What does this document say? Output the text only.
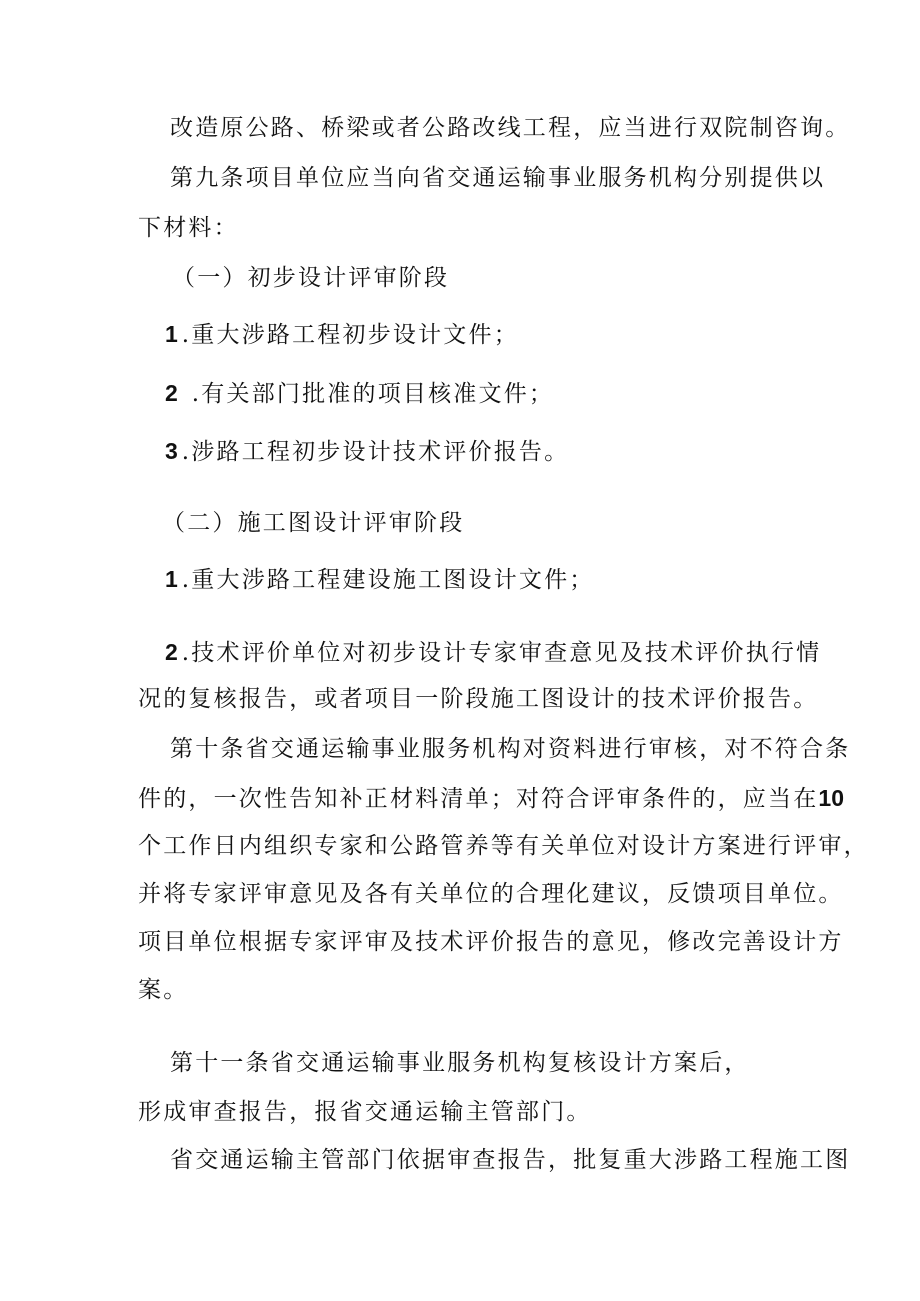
改造原公路、桥梁或者公路改线工程，应当进行双院制咨询。
第九条项目单位应当向省交通运输事业服务机构分别提供以
下材料：
（一）初步设计评审阶段
1 .重大涉路工程初步设计文件；
2 .有关部门批准的项目核准文件；
3 .涉路工程初步设计技术评价报告。
（二）施工图设计评审阶段
1 .重大涉路工程建设施工图设计文件；
2 .技术评价单位对初步设计专家审查意见及技术评价执行情
况的复核报告，或者项目一阶段施工图设计的技术评价报告。
第十条省交通运输事业服务机构对资料进行审核，对不符合条
件的，一次性告知补正材料清单；对符合评审条件的，应当在10
个工作日内组织专家和公路管养等有关单位对设计方案进行评审，
并将专家评审意见及各有关单位的合理化建议，反馈项目单位。
项目单位根据专家评审及技术评价报告的意见，修改完善设计方
案。
第十一条省交通运输事业服务机构复核设计方案后，
形成审查报告，报省交通运输主管部门。
省交通运输主管部门依据审查报告，批复重大涉路工程施工图
